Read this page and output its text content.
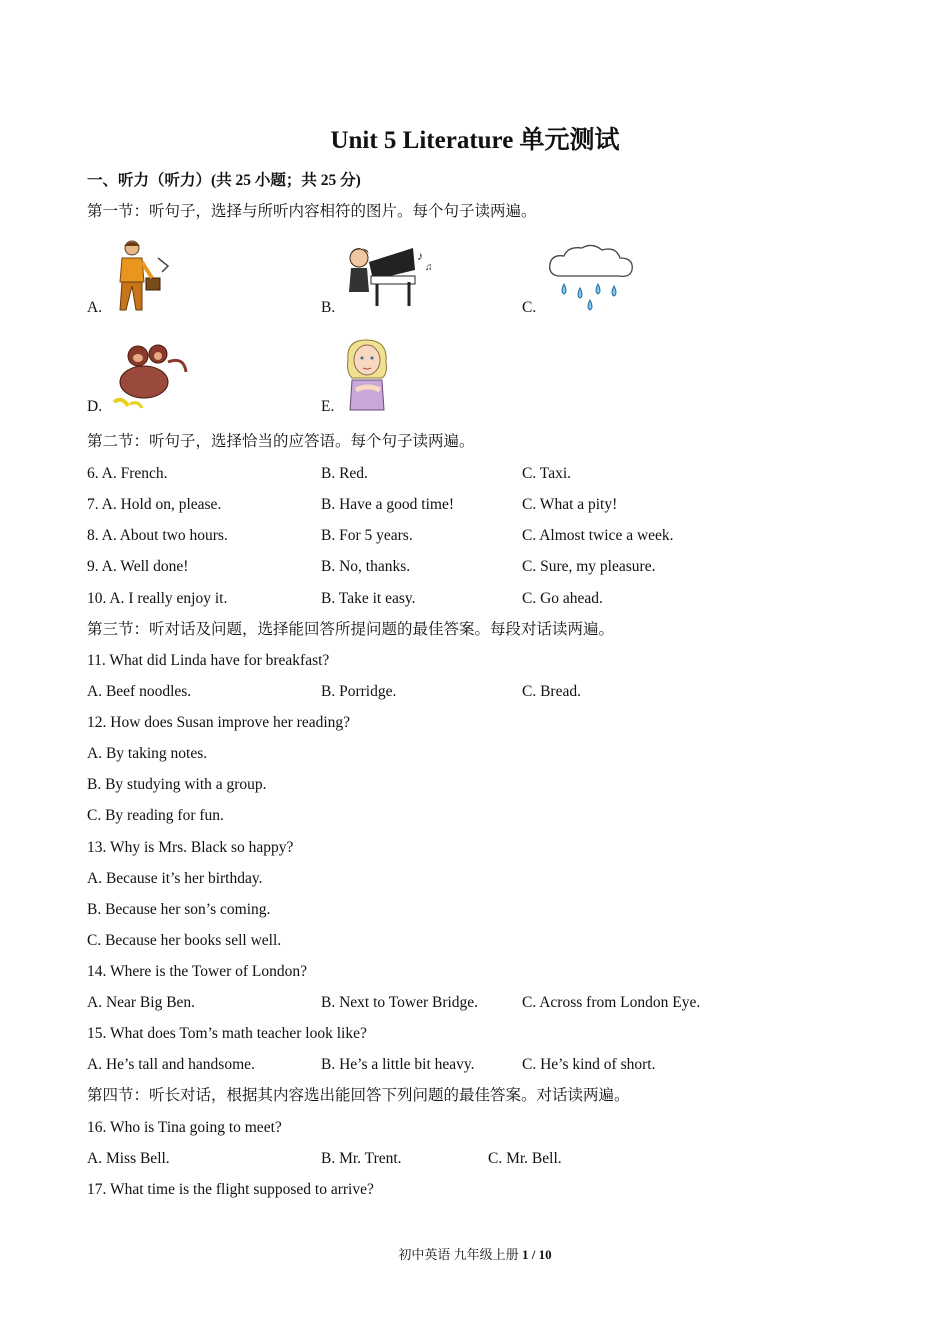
Unit 5 Literature 单元测试
一、听力（听力）(共 25 小题；共 25 分)
第一节：听句子，选择与所听内容相符的图片。每个句子读两遍。
A.	B.
♪
♫
C.
D.	E.
第二节：听句子，选择恰当的应答语。每个句子读两遍。
6. A. French.	B. Red.	C. Taxi.
7. A. Hold on, please.	B. Have a good time!	C. What a pity!
8. A. About two hours.	B. For 5 years.	C. Almost twice a week.
9. A. Well done!	B. No, thanks.	C. Sure, my pleasure.
10. A. I really enjoy it.	B. Take it easy.	C. Go ahead.
第三节：听对话及问题，选择能回答所提问题的最佳答案。每段对话读两遍。
11. What did Linda have for breakfast?
A. Beef noodles.	B. Porridge.	C. Bread.
12. How does Susan improve her reading?
A. By taking notes.
B. By studying with a group.
C. By reading for fun.
13. Why is Mrs. Black so happy?
A. Because it’s her birthday.
B. Because her son’s coming.
C. Because her books sell well.
14. Where is the Tower of London?
A. Near Big Ben.	B. Next to Tower Bridge.	C. Across from London Eye.
15. What does Tom’s math teacher look like?
A. He’s tall and handsome.	B. He’s a little bit heavy.	C. He’s kind of short.
第四节：听长对话，根据其内容选出能回答下列问题的最佳答案。对话读两遍。
16. Who is Tina going to meet?
A. Miss Bell.	B. Mr. Trent.	C. Mr. Bell.
17. What time is the flight supposed to arrive?
初中英语 九年级上册 1 / 10
